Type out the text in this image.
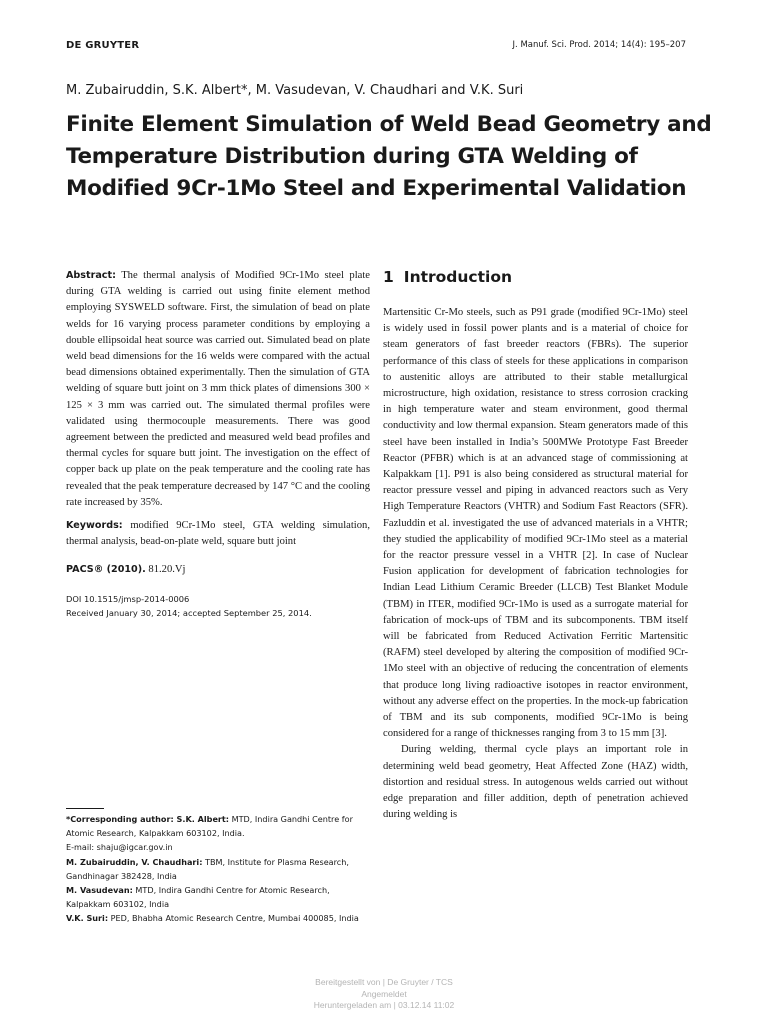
DE GRUYTER	J. Manuf. Sci. Prod. 2014; 14(4): 195–207
M. Zubairuddin, S.K. Albert*, M. Vasudevan, V. Chaudhari and V.K. Suri
Finite Element Simulation of Weld Bead Geometry and Temperature Distribution during GTA Welding of Modified 9Cr-1Mo Steel and Experimental Validation

Abstract: The thermal analysis of Modified 9Cr-1Mo steel plate during GTA welding is carried out using finite element method employing SYSWELD software. First, the simulation of bead on plate welds for 16 varying process parameter conditions by employing a double ellipsoidal heat source was carried out. Simulated bead on plate weld bead dimensions for the 16 welds were compared with the actual bead dimensions obtained experimentally. Then the simulation of GTA welding of square butt joint on 3 mm thick plates of dimensions 300 × 125 × 3 mm was carried out. The simulated thermal profiles were validated using thermocouple measurements. There was good agreement between the predicted and measured weld bead profiles and thermal cycles for square butt joint. The investigation on the effect of copper back up plate on the peak temperature and the cooling rate has revealed that the peak temperature decreased by 147 °C and the cooling rate increased by 35%.

Keywords: modified 9Cr-1Mo steel, GTA welding simulation, thermal analysis, bead-on-plate weld, square butt joint

PACS® (2010). 81.20.Vj

DOI 10.1515/jmsp-2014-0006
Received January 30, 2014; accepted September 25, 2014.

*Corresponding author: S.K. Albert: MTD, Indira Gandhi Centre for Atomic Research, Kalpakkam 603102, India.

E-mail: shaju@igcar.gov.in

M. Zubairuddin, V. Chaudhari: TBM, Institute for Plasma Research, Gandhinagar 382428, India

M. Vasudevan: MTD, Indira Gandhi Centre for Atomic Research, Kalpakkam 603102, India

V.K. Suri: PED, Bhabha Atomic Research Centre, Mumbai 400085, India

1 Introduction

Martensitic Cr-Mo steels, such as P91 grade (modified 9Cr-1Mo) steel is widely used in fossil power plants and is a material of choice for steam generators of fast breeder reactors (FBRs). The superior performance of this class of steels for these applications in comparison to austenitic alloys are attributed to their stable metallurgical microstructure, high oxidation, resistance to stress corrosion cracking in high temperature water and steam environment, good thermal conductivity and low thermal expansion. Steam generators made of this steel have been installed in India’s 500MWe Prototype Fast Breeder Reactor (PFBR) which is at an advanced stage of commissioning at Kalpakkam [1]. P91 is also being considered as structural material for reactor pressure vessel and piping in advanced reactors such as Very High Temperature Reactors (VHTR) and Sodium Fast Reactors (SFR). Fazluddin et al. investigated the use of advanced materials in a VHTR; they studied the applicability of modified 9Cr-1Mo steel as a material for the reactor pressure vessel in a VHTR [2]. In case of Nuclear Fusion application for development of fabrication technologies for Indian Lead Lithium Ceramic Breeder (LLCB) Test Blanket Module (TBM) in ITER, modified 9Cr-1Mo is used as a surrogate material for fabrication of mock-ups of TBM and its subcomponents. TBM itself will be fabricated from Reduced Activation Ferritic Martensitic (RAFM) steel developed by altering the composition of modified 9Cr-1Mo steel with an objective of reducing the concentration of elements that produce long living radioactive isotopes in reactor environment, without any adverse effect on the properties. In the mock-up fabrication of TBM and its sub components, modified 9Cr-1Mo is being considered for a range of thicknesses ranging from 3 to 15 mm [3].

During welding, thermal cycle plays an important role in determining weld bead geometry, Heat Affected Zone (HAZ) width, distortion and residual stress. In autogenous welds carried out without edge preparation and filler addition, depth of penetration achieved during welding is

Bereitgestellt von | De Gruyter / TCS
Angemeldet
Heruntergeladen am | 03.12.14 11:02
